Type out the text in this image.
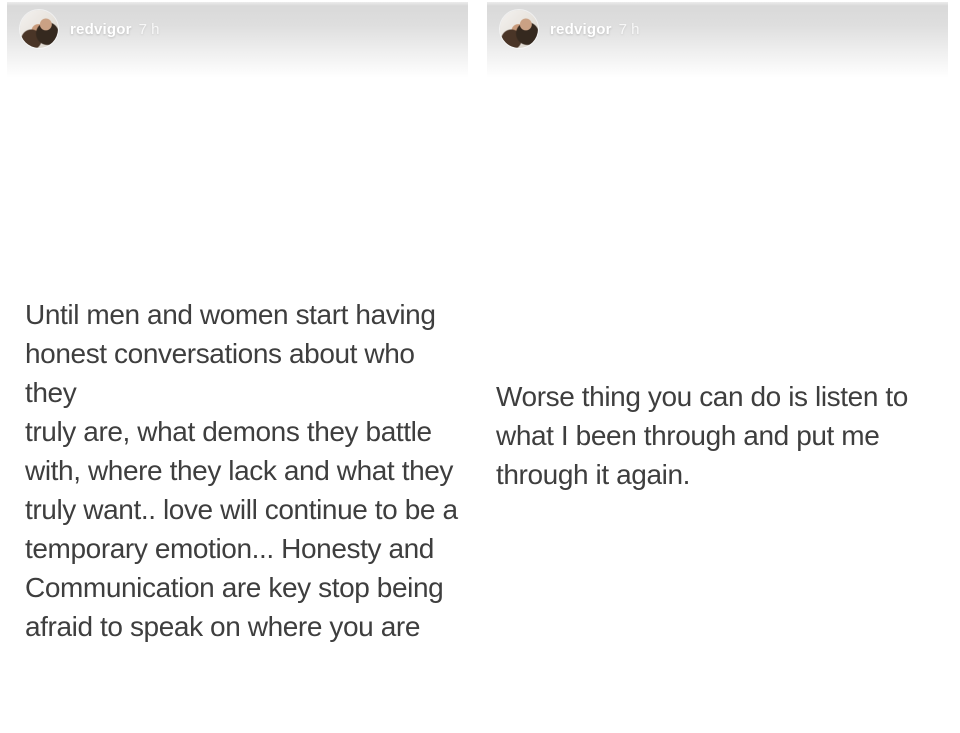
redvigor 7 h
Until men and women start having
honest conversations about who they
truly are, what demons they battle
with, where they lack and what they
truly want.. love will continue to be a
temporary emotion... Honesty and
Communication are key stop being
afraid to speak on where you are
redvigor 7 h
Worse thing you can do is listen to
what I been through and put me
through it again.
